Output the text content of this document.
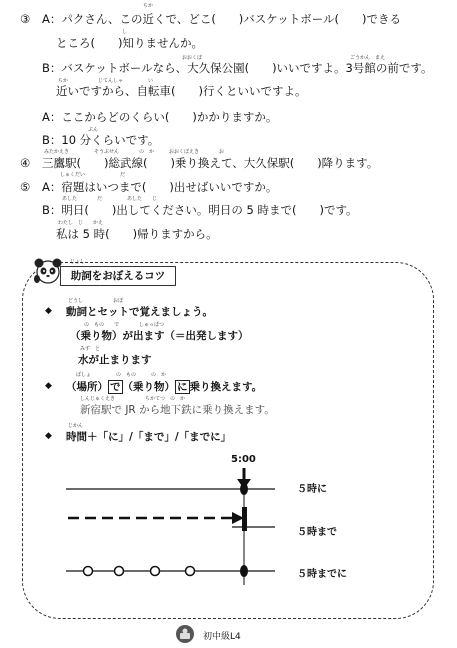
③
ちか
A：パクさん、この近くで、どこ(　　)バスケットボール(　　)できる
し
ところ(　　)知りませんか。
おおくぼ	ごうかん　まえ
B：バスケットボールなら、大久保公園(　　)いいですよ。3号館の前です。
ちか　　　　　　じてんしゃ　　　　　い
近いですから、自転車(　　)行くといいですよ。
A：ここからどのくらい(　　)かかりますか。
ぷん
B：10 分くらいです。
④
みたかえき　　　　　そうぶせん　　　　の　か　　　おおくぼえき　　　　お
三鷹駅(　　)総武線(　　)乗り換えて、大久保駅(　　)降ります。
⑤
しゅくだい　　　　　　　だ
A：宿題はいつまで(　　)出せばいいですか。
あした　　　　だ　　　　　あした　　じ
B：明日(　　)出してください。明日の 5 時まで(　　)です。
わたし　じ　　かえ
私は 5 時(　　)帰りますから。
じょし
助詞をおぼえるコツ
◆
どうし　　　　　　おぼ
動詞とセットで覚えましょう。
の　もの　　で　　　　しゅっぱつ
（乗り物）が出ます（＝出発します）
みず　と
水が止まります
◆
ばしょ　　　　　の　もの　　　の　か
（場所） で （乗り物） に 乗り換えます。
しんじゅくえき　　　　　　ちかてつ　の　か
新宿駅で JR から地下鉄に乗り換えます。
◆
じかん
時間＋「に」/「まで」/「までに」
5:00
５時に
５時まで
５時までに
初中級L4
